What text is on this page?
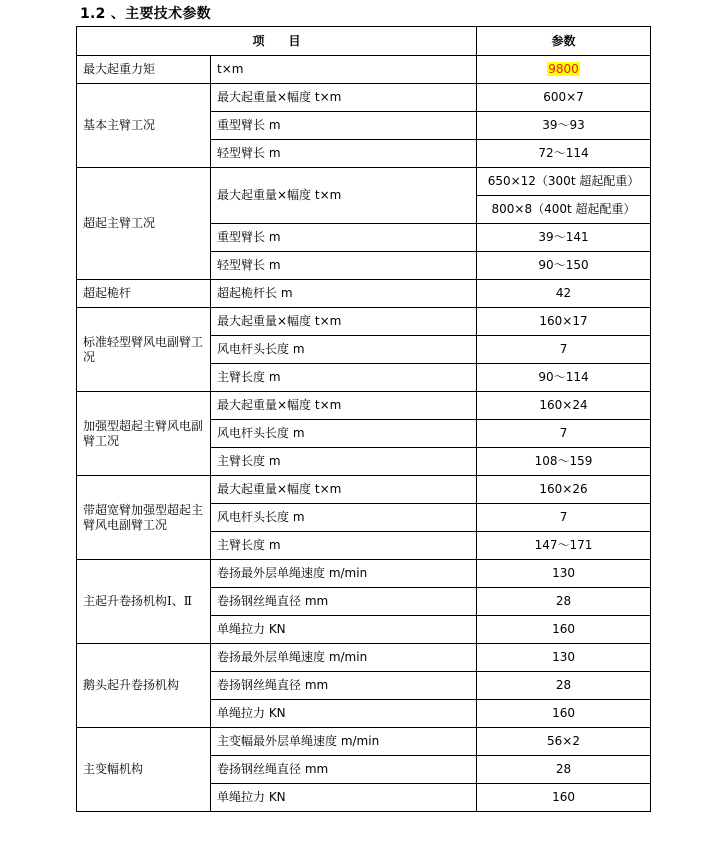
1.2 、主要技术参数
项　　目		参数
最大起重力矩	t×m	9800
基本主臂工况	最大起重量×幅度 t×m	600×7
	重型臂长 m	39～93
	轻型臂长 m	72～114
超起主臂工况	最大起重量×幅度 t×m	650×12（300t 超起配重）
		800×8（400t 超起配重）
	重型臂长 m	39～141
	轻型臂长 m	90～150
超起桅杆	超起桅杆长 m	42
标准轻型臂风电副臂工况	最大起重量×幅度 t×m	160×17
	风电杆头长度 m	7
	主臂长度 m	90～114
加强型超起主臂风电副臂工况	最大起重量×幅度 t×m	160×24
	风电杆头长度 m	7
	主臂长度 m	108～159
带超宽臂加强型超起主臂风电副臂工况	最大起重量×幅度 t×m	160×26
	风电杆头长度 m	7
	主臂长度 m	147～171
主起升卷扬机构Ⅰ、Ⅱ	卷扬最外层单绳速度 m/min	130
	卷扬钢丝绳直径 mm	28
	单绳拉力 KN	160
鹅头起升卷扬机构	卷扬最外层单绳速度 m/min	130
	卷扬钢丝绳直径 mm	28
	单绳拉力 KN	160
主变幅机构	主变幅最外层单绳速度 m/min	56×2
	卷扬钢丝绳直径 mm	28
	单绳拉力 KN	160
